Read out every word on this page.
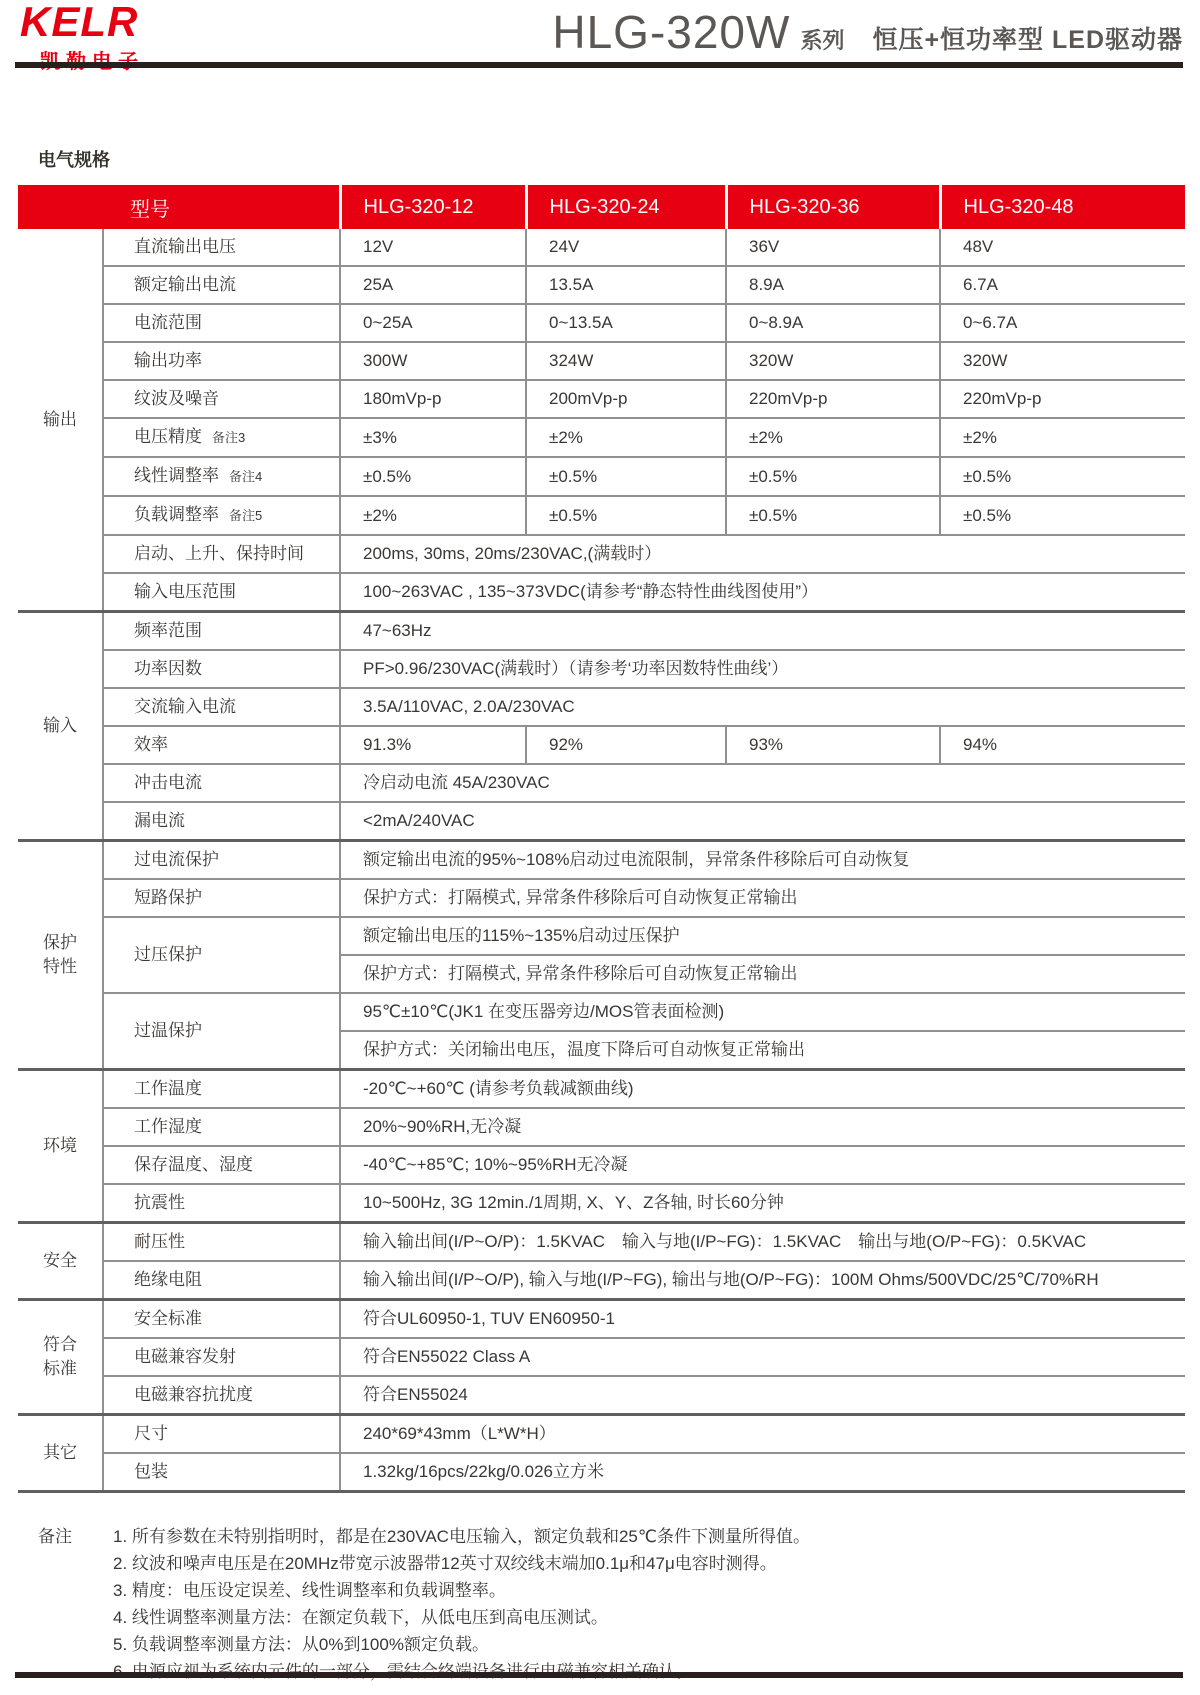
KELR	HLG-320W 系列 恒压+恒功率型 LED驱动器
电气规格
型号		HLG-320-12	HLG-320-24	HLG-320-36	HLG-320-48
输出	直流输出电压	12V	24V	36V	48V
	额定输出电流	25A	13.5A	8.9A	6.7A
	电流范围	0~25A	0~13.5A	0~8.9A	0~6.7A
	输出功率	300W	324W	320W	320W
	纹波及噪音	180mVp-p	200mVp-p	220mVp-p	220mVp-p
	电压精度 备注3	±3%	±2%	±2%	±2%
	线性调整率 备注4	±0.5%	±0.5%	±0.5%	±0.5%
	负载调整率 备注5	±2%	±0.5%	±0.5%	±0.5%
	启动、上升、保持时间	200ms, 30ms, 20ms/230VAC,(满载时）			
	输入电压范围	100~263VAC , 135~373VDC(请参考“静态特性曲线图使用”）			
输入	频率范围	47~63Hz			
	功率因数	PF>0.96/230VAC(满载时）（请参考‘功率因数特性曲线’）			
	交流输入电流	3.5A/110VAC, 2.0A/230VAC			
	效率	91.3%	92%	93%	94%
	冲击电流	冷启动电流 45A/230VAC			
	漏电流	<2mA/240VAC			
保护特性	过电流保护	额定输出电流的95%~108%启动过电流限制，异常条件移除后可自动恢复			
	短路保护	保护方式：打隔模式, 异常条件移除后可自动恢复正常输出			
	过压保护	额定输出电压的115%~135%启动过压保护			
		保护方式：打隔模式, 异常条件移除后可自动恢复正常输出			
	过温保护	95℃±10℃(JK1 在变压器旁边/MOS管表面检测)			
		保护方式：关闭输出电压，温度下降后可自动恢复正常输出			
环境	工作温度	-20℃~+60℃ (请参考负载减额曲线)			
	工作湿度	20%~90%RH,无冷凝			
	保存温度、湿度	-40℃~+85℃; 10%~95%RH无冷凝			
	抗震性	10~500Hz, 3G 12min./1周期, X、Y、Z各轴, 时长60分钟			
安全	耐压性	输入输出间(I/P~O/P)：1.5KVAC　输入与地(I/P~FG)：1.5KVAC　输出与地(O/P~FG)：0.5KVAC			
	绝缘电阻	输入输出间(I/P~O/P), 输入与地(I/P~FG), 输出与地(O/P~FG)：100M Ohms/500VDC/25℃/70%RH			
符合标准	安全标准	符合UL60950-1, TUV EN60950-1			
	电磁兼容发射	符合EN55022 Class A			
	电磁兼容抗扰度	符合EN55024			
其它	尺寸	240*69*43mm（L*W*H）			
	包装	1.32kg/16pcs/22kg/0.026立方米			
备注	1. 所有参数在未特别指明时，都是在230VAC电压输入，额定负载和25℃条件下测量所得值。
2. 纹波和噪声电压是在20MHz带宽示波器带12英寸双绞线末端加0.1μ和47μ电容时测得。
3. 精度：电压设定误差、线性调整率和负载调整率。
4. 线性调整率测量方法：在额定负载下，从低电压到高电压测试。
5. 负载调整率测量方法：从0%到100%额定负载。
